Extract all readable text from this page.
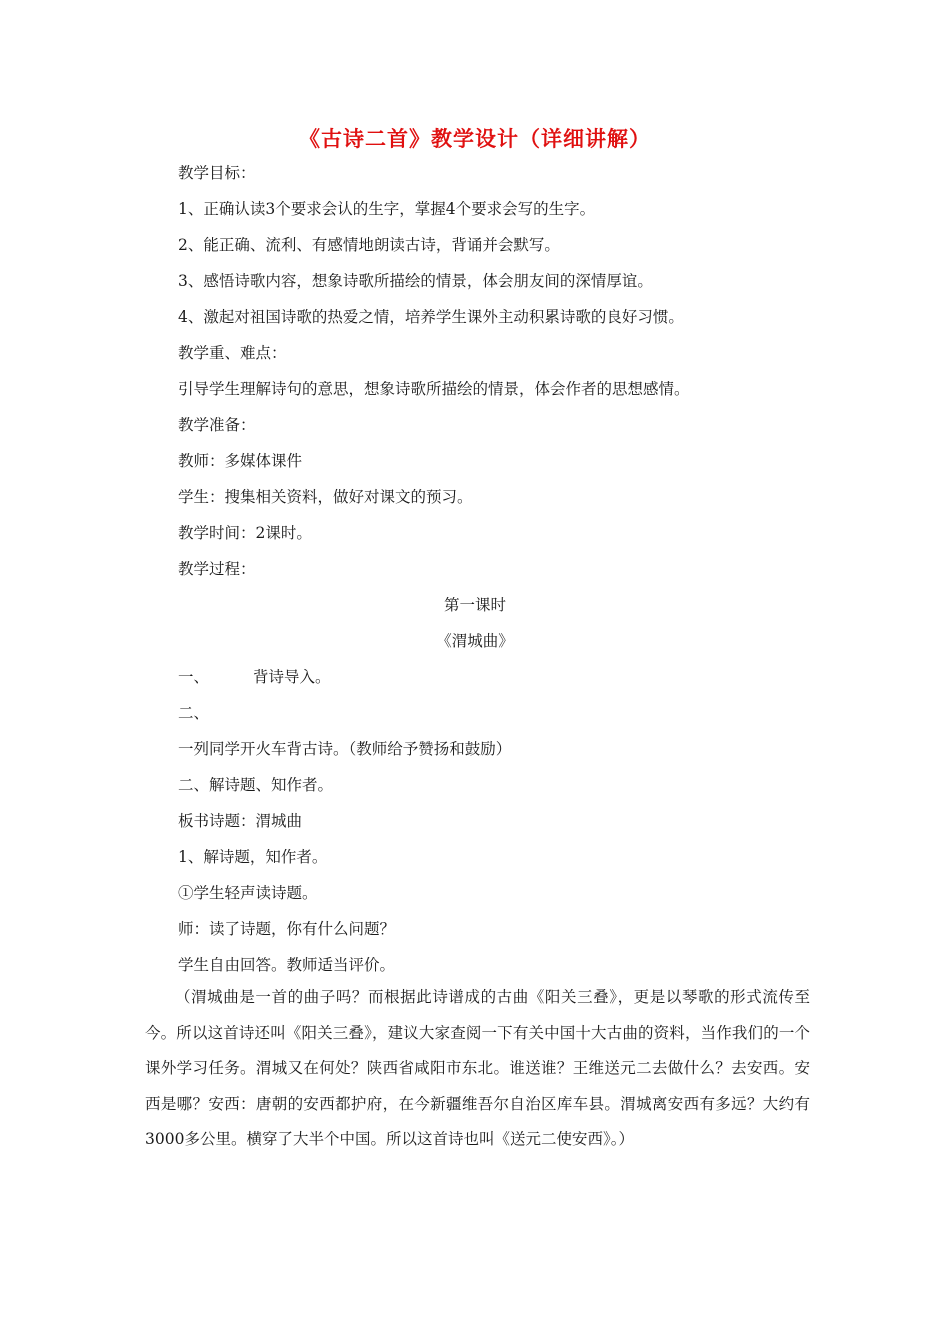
《古诗二首》教学设计（详细讲解）
教学目标：
1、正确认读3个要求会认的生字，掌握4个要求会写的生字。
2、能正确、流利、有感情地朗读古诗，背诵并会默写。
3、感悟诗歌内容，想象诗歌所描绘的情景，体会朋友间的深情厚谊。
4、激起对祖国诗歌的热爱之情，培养学生课外主动积累诗歌的良好习惯。
教学重、难点：
引导学生理解诗句的意思，想象诗歌所描绘的情景，体会作者的思想感情。
教学准备：
教师：多媒体课件
学生：搜集相关资料，做好对课文的预习。
教学时间：2课时。
教学过程：
第一课时
《渭城曲》
一、	背诗导入。
二、
一列同学开火车背古诗。（教师给予赞扬和鼓励）
二、解诗题、知作者。
板书诗题：渭城曲
1、解诗题，知作者。
①学生轻声读诗题。
师：读了诗题，你有什么问题？
学生自由回答。教师适当评价。
（渭城曲是一首的曲子吗？而根据此诗谱成的古曲《阳关三叠》，更是以琴歌的形式流传至今。所以这首诗还叫《阳关三叠》，建议大家查阅一下有关中国十大古曲的资料，当作我们的一个课外学习任务。渭城又在何处？陕西省咸阳市东北。谁送谁？王维送元二去做什么？去安西。安西是哪？安西：唐朝的安西都护府，在今新疆维吾尔自治区库车县。渭城离安西有多远？大约有3000多公里。横穿了大半个中国。所以这首诗也叫《送元二使安西》。）
